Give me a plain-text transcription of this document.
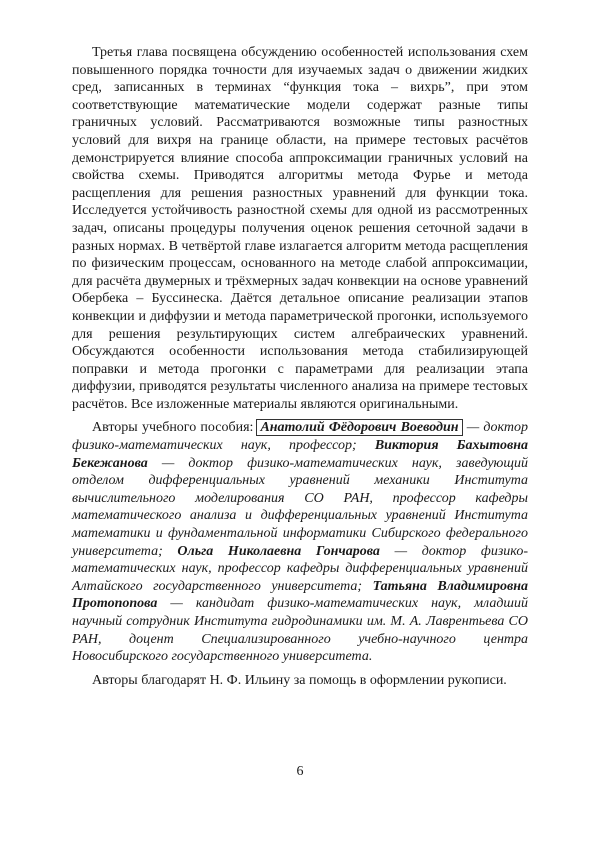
Третья глава посвящена обсуждению особенностей использования схем повышенного порядка точности для изучаемых задач о движении жидких сред, записанных в терминах “функция тока – вихрь”, при этом соответствующие математические модели содержат разные типы граничных условий. Рассматриваются возможные типы разностных условий для вихря на границе области, на примере тестовых расчётов демонстрируется влияние способа аппроксимации граничных условий на свойства схемы. Приводятся алгоритмы метода Фурье и метода расщепления для решения разностных уравнений для функции тока. Исследуется устойчивость разностной схемы для одной из рассмотренных задач, описаны процедуры получения оценок решения сеточной задачи в разных нормах. В четвёртой главе излагается алгоритм метода расщепления по физическим процессам, основанного на методе слабой аппроксимации, для расчёта двумерных и трёхмерных задач конвекции на основе уравнений Обербека – Буссинеска. Даётся детальное описание реализации этапов конвекции и диффузии и метода параметрической прогонки, используемого для решения результирующих систем алгебраических уравнений. Обсуждаются особенности использования метода стабилизирующей поправки и метода прогонки с параметрами для реализации этапа диффузии, приводятся результаты численного анализа на примере тестовых расчётов. Все изложенные материалы являются оригинальными.

Авторы учебного пособия: Анатолий Фёдорович Воеводин — доктор физико-математических наук, профессор; Виктория Бахытовна Бекежанова — доктор физико-математических наук, заведующий отделом дифференциальных уравнений механики Института вычислительного моделирования СО РАН, профессор кафедры математического анализа и дифференциальных уравнений Института математики и фундаментальной информатики Сибирского федерального университета; Ольга Николаевна Гончарова — доктор физико-математических наук, профессор кафедры дифференциальных уравнений Алтайского государственного университета; Татьяна Владимировна Протопопова — кандидат физико-математических наук, младший научный сотрудник Института гидродинамики им. М. А. Лаврентьева СО РАН, доцент Специализированного учебно-научного центра Новосибирского государственного университета.

Авторы благодарят Н. Ф. Ильину за помощь в оформлении рукописи.

6
